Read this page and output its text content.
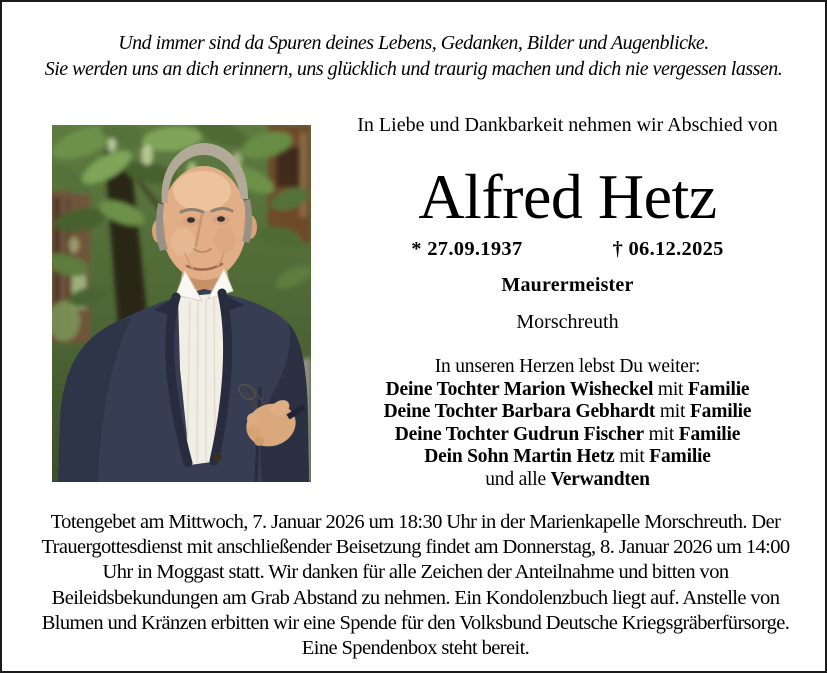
Und immer sind da Spuren deines Lebens, Gedanken, Bilder und Augenblicke.
Sie werden uns an dich erinnern, uns glücklich und traurig machen und dich nie vergessen lassen.
In Liebe und Dankbarkeit nehmen wir Abschied von
Alfred Hetz
* 27.09.1937	† 06.12.2025
Maurermeister
Morschreuth
In unseren Herzen lebst Du weiter:
Deine Tochter Marion Wisheckel mit Familie
Deine Tochter Barbara Gebhardt mit Familie
Deine Tochter Gudrun Fischer mit Familie
Dein Sohn Martin Hetz mit Familie
und alle Verwandten
Totengebet am Mittwoch, 7. Januar 2026 um 18:30 Uhr in der Marienkapelle Morschreuth. Der Trauergottesdienst mit anschließender Beisetzung findet am Donnerstag, 8. Januar 2026 um 14:00 Uhr in Moggast statt. Wir danken für alle Zeichen der Anteilnahme und bitten von Beileidsbekundungen am Grab Abstand zu nehmen. Ein Kondolenzbuch liegt auf. Anstelle von Blumen und Kränzen erbitten wir eine Spende für den Volksbund Deutsche Kriegsgräberfürsorge. Eine Spendenbox steht bereit.
